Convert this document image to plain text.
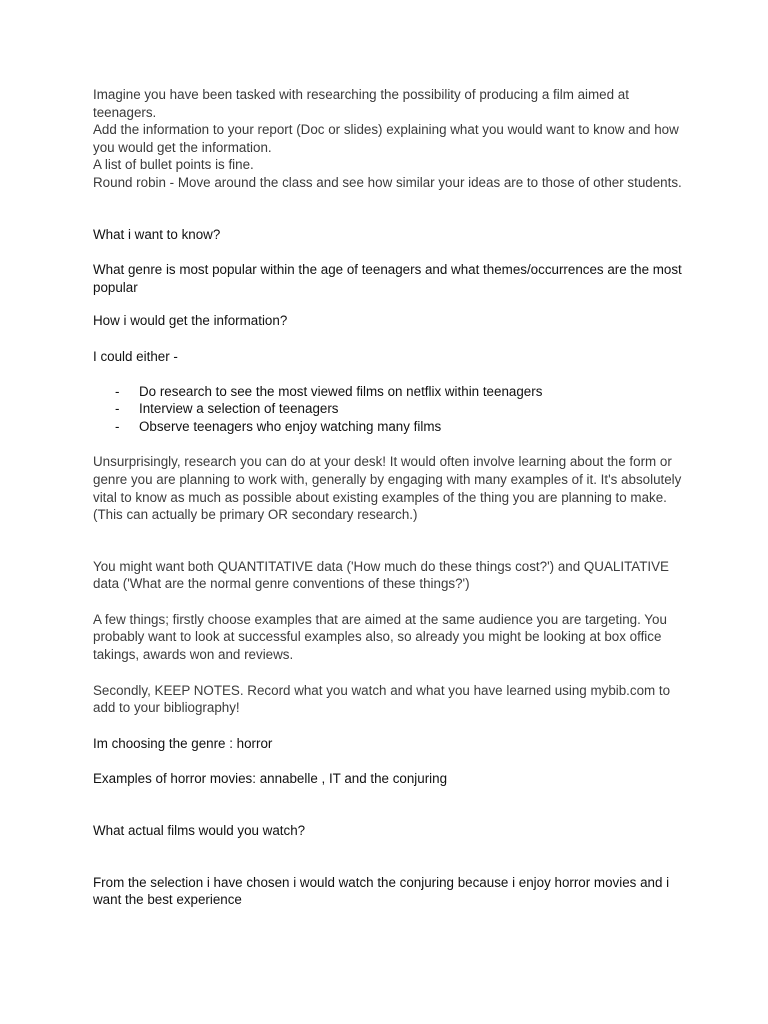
Imagine you have been tasked with researching the possibility of producing a film aimed at teenagers.

Add the information to your report (Doc or slides) explaining what you would want to know and how you would get the information.

A list of bullet points is fine.

Round robin - Move around the class and see how similar your ideas are to those of other students.

What i want to know?

What genre is most popular within the age of teenagers and what themes/occurrences are the most popular

How i would get the information?

I could either -

- Do research to see the most viewed films on netflix within teenagers
- Interview a selection of teenagers
- Observe teenagers who enjoy watching many films

Unsurprisingly, research you can do at your desk! It would often involve learning about the form or genre you are planning to work with, generally by engaging with many examples of it. It's absolutely vital to know as much as possible about existing examples of the thing you are planning to make. (This can actually be primary OR secondary research.)

You might want both QUANTITATIVE data ('How much do these things cost?') and QUALITATIVE data ('What are the normal genre conventions of these things?')

A few things; firstly choose examples that are aimed at the same audience you are targeting. You probably want to look at successful examples also, so already you might be looking at box office takings, awards won and reviews.

Secondly, KEEP NOTES. Record what you watch and what you have learned using mybib.com to add to your bibliography!

Im choosing the genre : horror

Examples of horror movies: annabelle , IT and the conjuring

What actual films would you watch?

From the selection i have chosen i would watch the conjuring because i enjoy horror movies and i want the best experience
